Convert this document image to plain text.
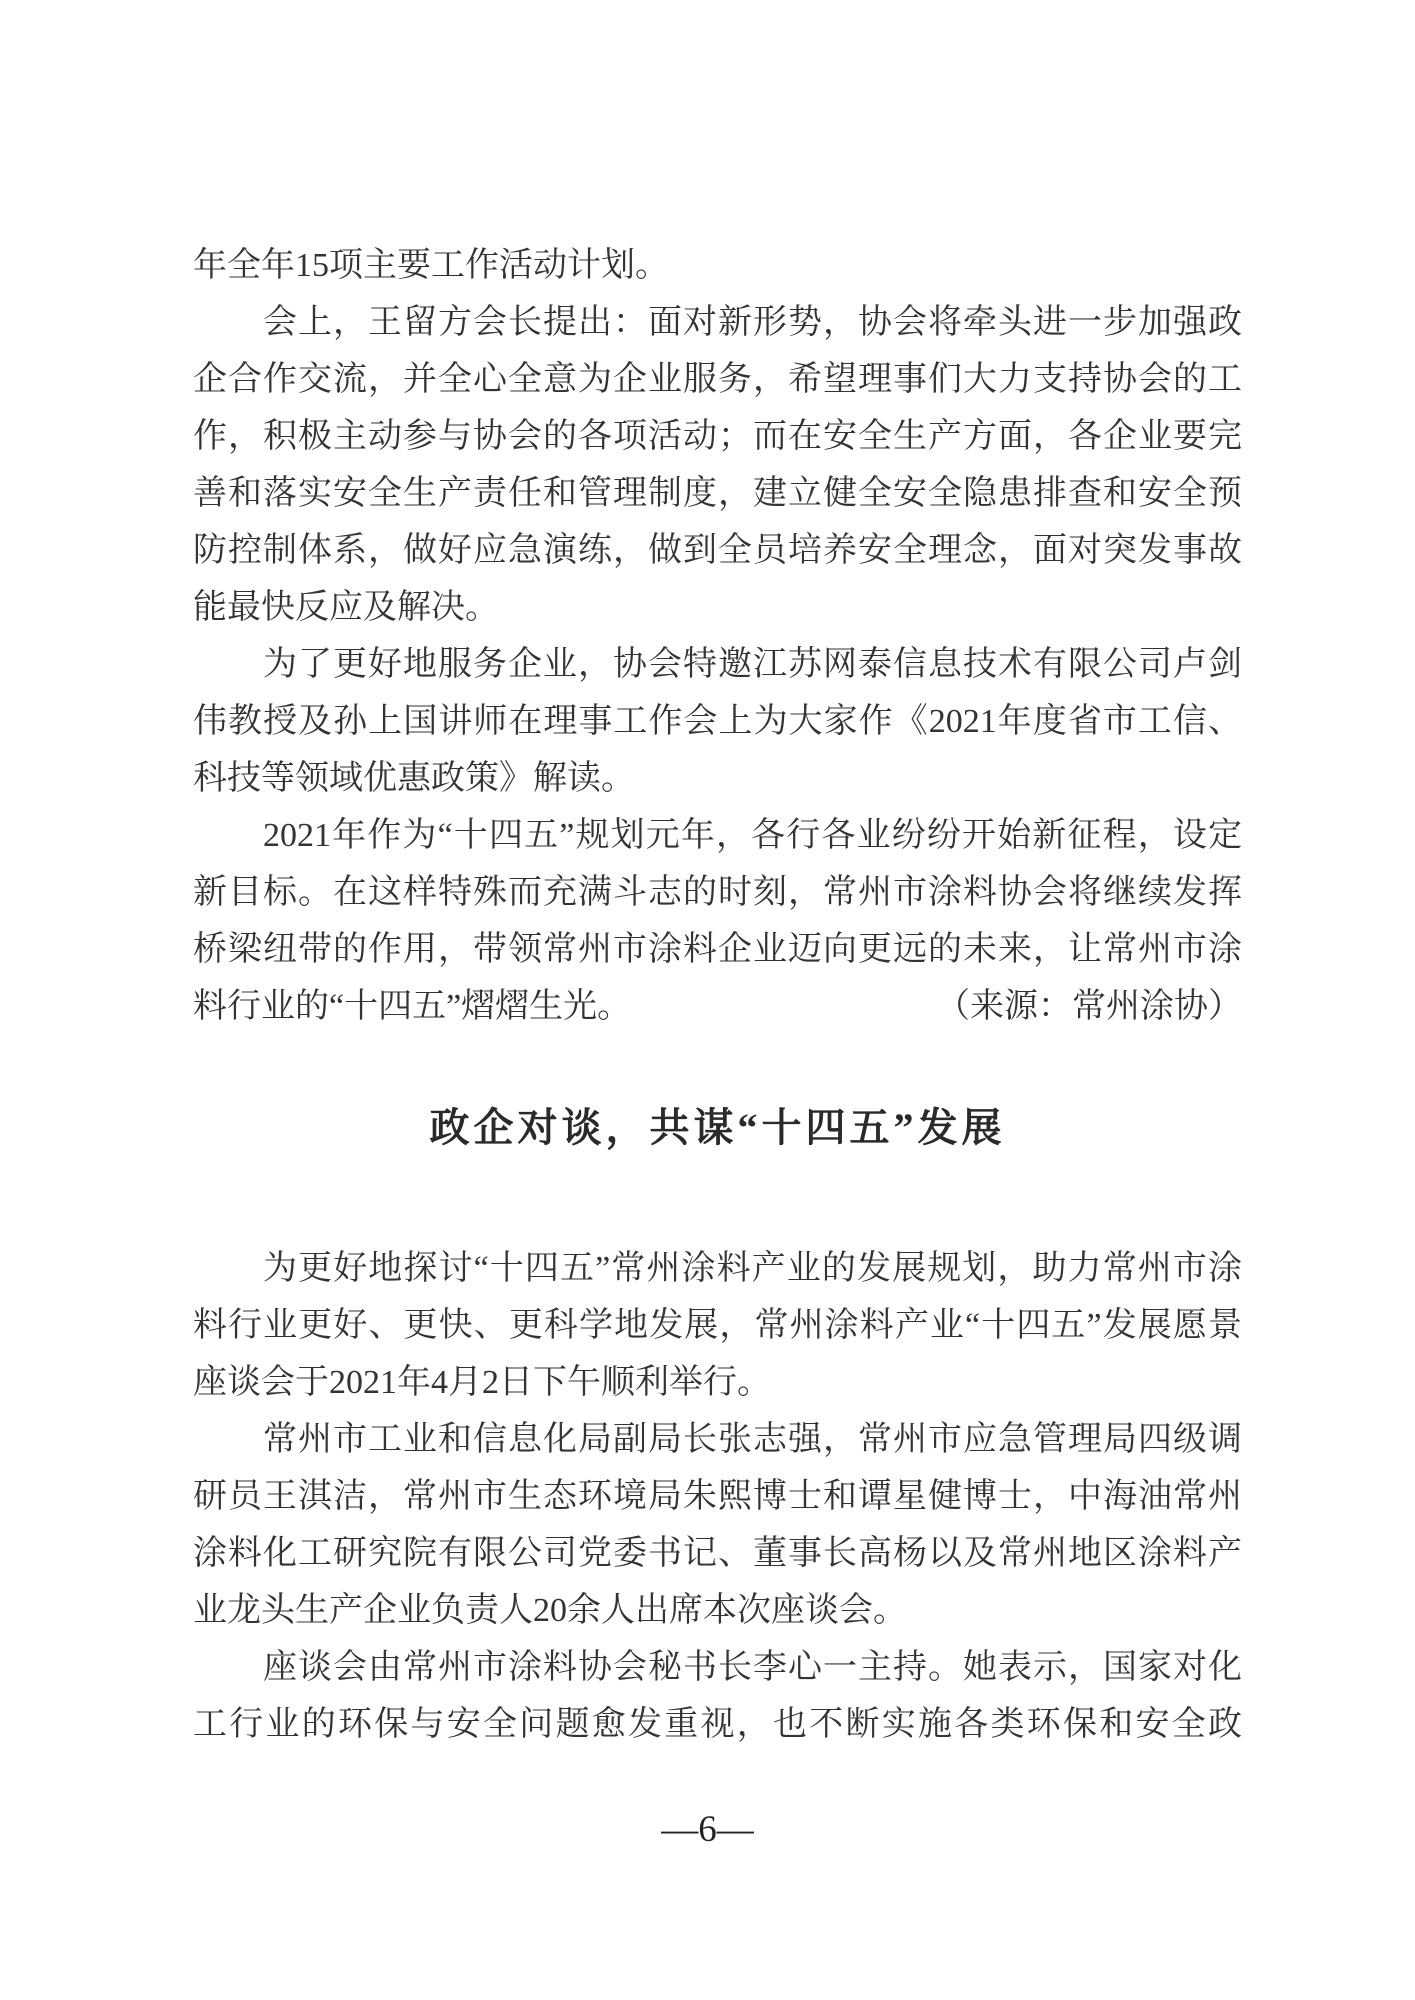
年全年15项主要工作活动计划。
会上，王留方会长提出：面对新形势，协会将牵头进一步加强政
企合作交流，并全心全意为企业服务，希望理事们大力支持协会的工
作，积极主动参与协会的各项活动；而在安全生产方面，各企业要完
善和落实安全生产责任和管理制度，建立健全安全隐患排查和安全预
防控制体系，做好应急演练，做到全员培养安全理念，面对突发事故
能最快反应及解决。
为了更好地服务企业，协会特邀江苏网泰信息技术有限公司卢剑
伟教授及孙上国讲师在理事工作会上为大家作《2021年度省市工信、
科技等领域优惠政策》解读。
2021年作为“十四五”规划元年，各行各业纷纷开始新征程，设定
新目标。在这样特殊而充满斗志的时刻，常州市涂料协会将继续发挥
桥梁纽带的作用，带领常州市涂料企业迈向更远的未来，让常州市涂
料行业的“十四五”熠熠生光。	（来源：常州涂协）
政企对谈，共谋“十四五”发展
为更好地探讨“十四五”常州涂料产业的发展规划，助力常州市涂
料行业更好、更快、更科学地发展，常州涂料产业“十四五”发展愿景
座谈会于2021年4月2日下午顺利举行。
常州市工业和信息化局副局长张志强，常州市应急管理局四级调
研员王淇洁，常州市生态环境局朱熙博士和谭星健博士，中海油常州
涂料化工研究院有限公司党委书记、董事长高杨以及常州地区涂料产
业龙头生产企业负责人20余人出席本次座谈会。
座谈会由常州市涂料协会秘书长李心一主持。她表示，国家对化
工行业的环保与安全问题愈发重视，也不断实施各类环保和安全政
—6—
